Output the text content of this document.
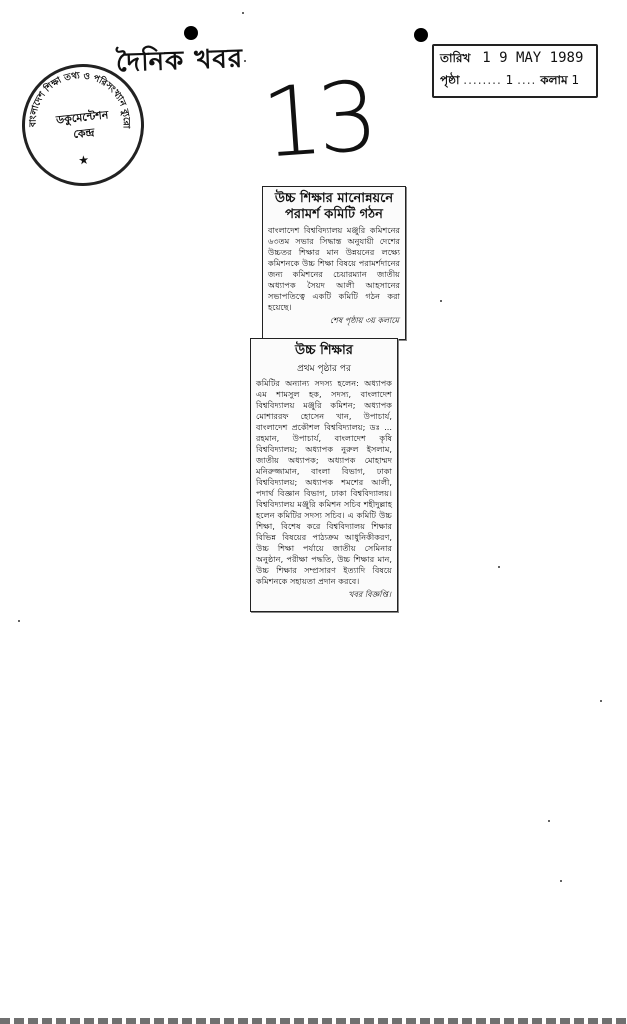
দৈনিক খবর	তারিখ 1 9 MAY 1989
পৃষ্ঠা ........ 1 .... কলাম 1
বাংলাদেশ শিক্ষা তথ্য ও পরিসংখ্যান ব্যুরো
★
ডকুমেন্টেশন
কেন্দ্র	13
উচ্চ শিক্ষার মানোন্নয়নে পরামর্শ কমিটি গঠন
বাংলাদেশ বিশ্ববিদ্যালয় মঞ্জুরি কমিশনের ৬৩তম সভার সিদ্ধান্ত অনুযায়ী দেশের উচ্চতর শিক্ষার মান উন্নয়নের লক্ষ্যে কমিশনকে উচ্চ শিক্ষা বিষয়ে পরামর্শদানের জন্য কমিশনের চেয়ারম্যান জাতীয় অধ্যাপক সৈয়দ আলী আহসানের সভাপতিত্বে একটি কমিটি গঠন করা হয়েছে।
শেষ পৃষ্ঠায় ৩য় কলামে
উচ্চ শিক্ষার
প্রথম পৃষ্ঠার পর
কমিটির অন্যান্য সদস্য হলেন: অধ্যাপক এম শামসুল হক, সদস্য, বাংলাদেশ বিশ্ববিদ্যালয় মঞ্জুরি কমিশন; অধ্যাপক মোশাররফ হোসেন খান, উপাচার্য, বাংলাদেশ প্রকৌশল বিশ্ববিদ্যালয়; ডঃ ... রহমান, উপাচার্য, বাংলাদেশ কৃষি বিশ্ববিদ্যালয়; অধ্যাপক নুরুল ইসলাম, জাতীয় অধ্যাপক; অধ্যাপক মোহাম্মদ মনিরুজ্জামান, বাংলা বিভাগ, ঢাকা বিশ্ববিদ্যালয়; অধ্যাপক শমশের আলী, পদার্থ বিজ্ঞান বিভাগ, ঢাকা বিশ্ববিদ্যালয়। বিশ্ববিদ্যালয় মঞ্জুরি কমিশন সচিব শহীদুল্লাহ হলেন কমিটির সদস্য সচিব। এ কমিটি উচ্চ শিক্ষা, বিশেষ করে বিশ্ববিদ্যালয় শিক্ষার বিভিন্ন বিষয়ের পাঠ্যক্রম আধুনিকীকরণ, উচ্চ শিক্ষা পর্যায়ে জাতীয় সেমিনার অনুষ্ঠান, পরীক্ষা পদ্ধতি, উচ্চ শিক্ষার মান, উচ্চ শিক্ষার সম্প্রসারণ ইত্যাদি বিষয়ে কমিশনকে সহায়তা প্রদান করবে।
খবর বিজ্ঞপ্তি।
